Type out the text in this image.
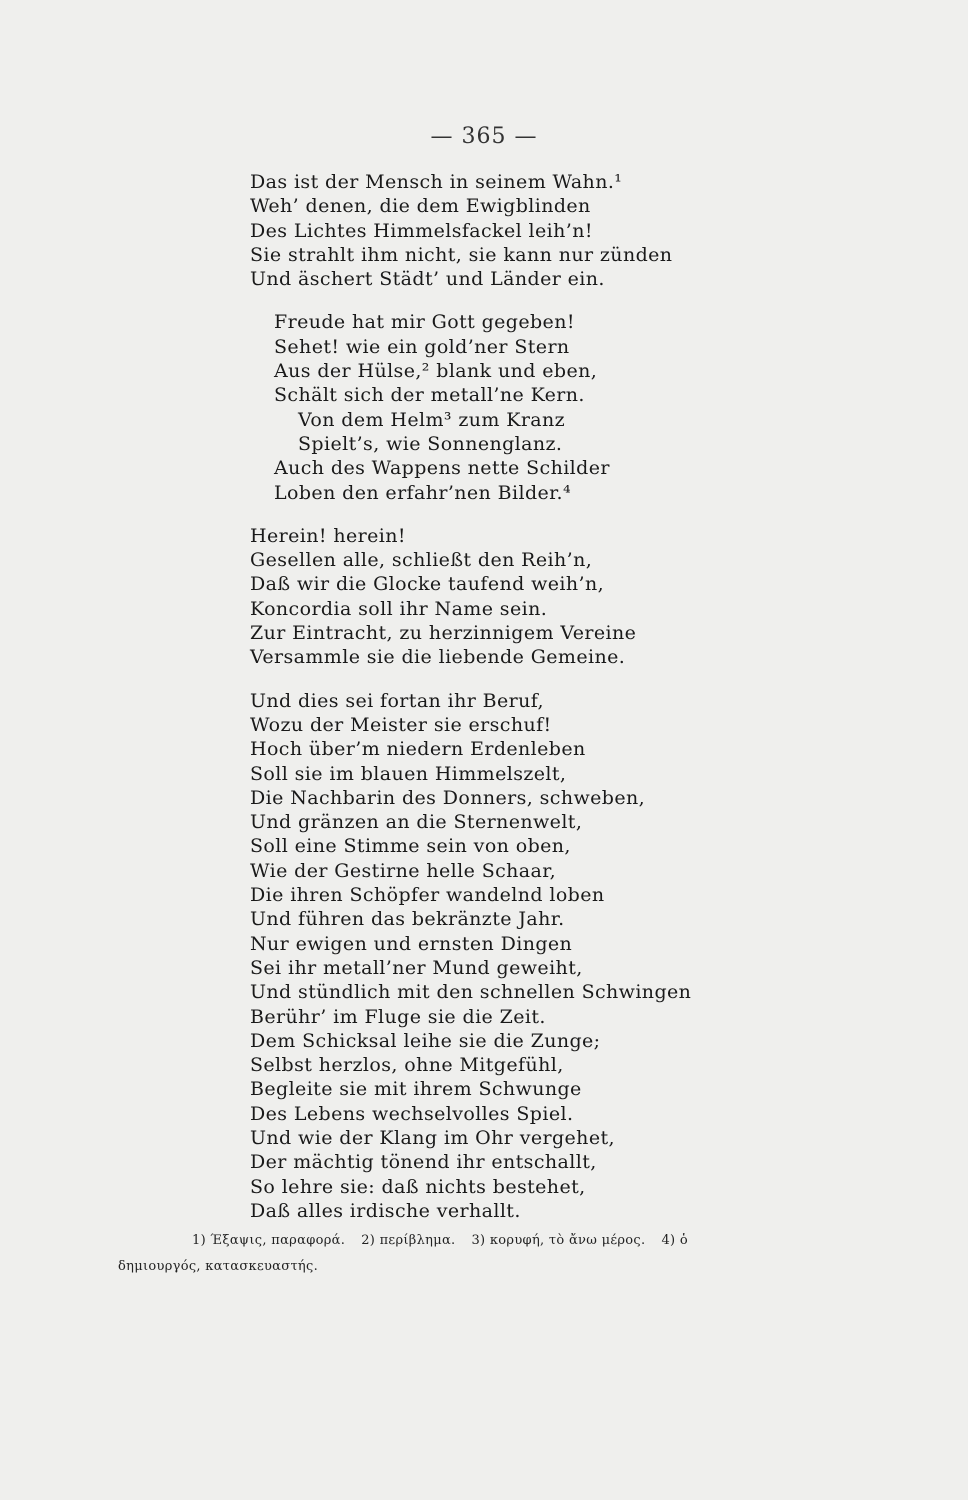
— 365 —
Das ist der Mensch in seinem Wahn.¹
Weh’ denen, die dem Ewigblinden
Des Lichtes Himmelsfackel leih’n!
Sie strahlt ihm nicht, sie kann nur zünden
Und äschert Städt’ und Länder ein.
Freude hat mir Gott gegeben!
Sehet! wie ein gold’ner Stern
Aus der Hülse,² blank und eben,
Schält sich der metall’ne Kern.
Von dem Helm³ zum Kranz
Spielt’s, wie Sonnenglanz.
Auch des Wappens nette Schilder
Loben den erfahr’nen Bilder.⁴
Herein! herein!
Gesellen alle, schließt den Reih’n,
Daß wir die Glocke taufend weih’n,
Koncordia soll ihr Name sein.
Zur Eintracht, zu herzinnigem Vereine
Versammle sie die liebende Gemeine.
Und dies sei fortan ihr Beruf,
Wozu der Meister sie erschuf!
Hoch über’m niedern Erdenleben
Soll sie im blauen Himmelszelt,
Die Nachbarin des Donners, schweben,
Und gränzen an die Sternenwelt,
Soll eine Stimme sein von oben,
Wie der Gestirne helle Schaar,
Die ihren Schöpfer wandelnd loben
Und führen das bekränzte Jahr.
Nur ewigen und ernsten Dingen
Sei ihr metall’ner Mund geweiht,
Und stündlich mit den schnellen Schwingen
Berühr’ im Fluge sie die Zeit.
Dem Schicksal leihe sie die Zunge;
Selbst herzlos, ohne Mitgefühl,
Begleite sie mit ihrem Schwunge
Des Lebens wechselvolles Spiel.
Und wie der Klang im Ohr vergehet,
Der mächtig tönend ihr entschallt,
So lehre sie: daß nichts bestehet,
Daß alles irdische verhallt.
1) Έξαψις, παραφορά. 2) περίβλημα. 3) κορυφή, τὸ ἄνω μέρος. 4) ὁ
δημιουργός, κατασκευαστής.
